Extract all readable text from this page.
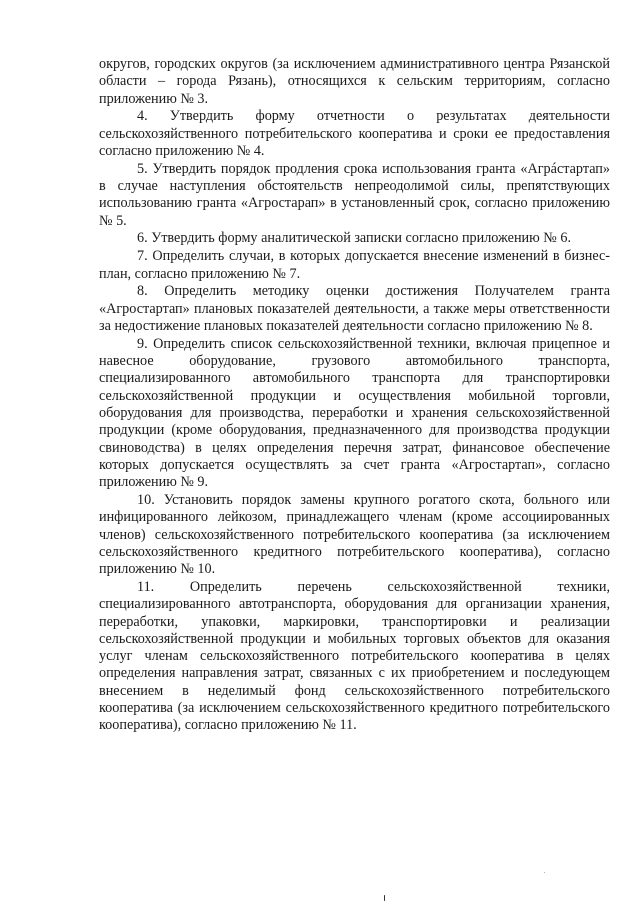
округов, городских округов (за исключением административного центра Рязанской области – города Рязань), относящихся к сельским территориям, согласно приложению № 3.

4. Утвердить форму отчетности о результатах деятельности сельскохозяйственного потребительского кооператива и сроки ее предоставления согласно приложению № 4.

5. Утвердить порядок продления срока использования гранта «Агрáстартап» в случае наступления обстоятельств непреодолимой силы, препятствующих использованию гранта «Агростарап» в установленный срок, согласно приложению № 5.

6. Утвердить форму аналитической записки согласно приложению № 6.

7. Определить случаи, в которых допускается внесение изменений в бизнес-план, согласно приложению № 7.

8. Определить методику оценки достижения Получателем гранта «Агростартап» плановых показателей деятельности, а также меры ответственности за недостижение плановых показателей деятельности согласно приложению № 8.

9. Определить список сельскохозяйственной техники, включая прицепное и навесное оборудование, грузового автомобильного транспорта, специализированного автомобильного транспорта для транспортировки сельскохозяйственной продукции и осуществления мобильной торговли, оборудования для производства, переработки и хранения сельскохозяйственной продукции (кроме оборудования, предназначенного для производства продукции свиноводства) в целях определения перечня затрат, финансовое обеспечение которых допускается осуществлять за счет гранта «Агростартап», согласно приложению № 9.

10. Установить порядок замены крупного рогатого скота, больного или инфицированного лейкозом, принадлежащего членам (кроме ассоциированных членов) сельскохозяйственного потребительского кооператива (за исключением сельскохозяйственного кредитного потребительского кооператива), согласно приложению № 10.

11. Определить перечень сельскохозяйственной техники, специализированного автотранспорта, оборудования для организации хранения, переработки, упаковки, маркировки, транспортировки и реализации сельскохозяйственной продукции и мобильных торговых объектов для оказания услуг членам сельскохозяйственного потребительского кооператива в целях определения направления затрат, связанных с их приобретением и последующем внесением в неделимый фонд сельскохозяйственного потребительского кооператива (за исключением сельскохозяйственного кредитного потребительского кооператива), согласно приложению № 11.
